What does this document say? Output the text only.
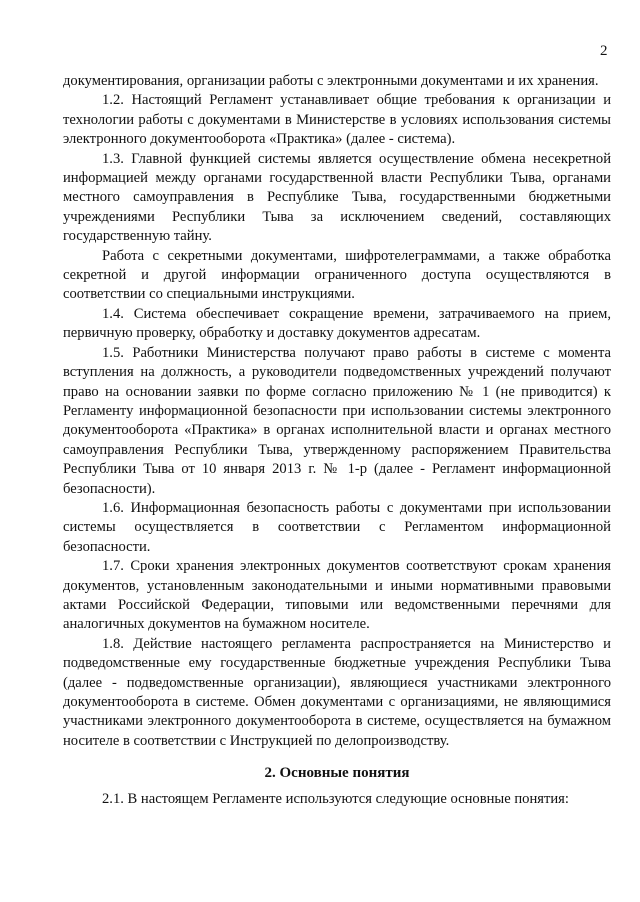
2

документирования, организации работы с электронными документами и их хранения.

1.2. Настоящий Регламент устанавливает общие требования к организации и технологии работы с документами в Министерстве в условиях использования системы электронного документооборота «Практика» (далее - система).

1.3. Главной функцией системы является осуществление обмена несекретной информацией между органами государственной власти Республики Тыва, органами местного самоуправления в Республике Тыва, государственными бюджетными учреждениями Республики Тыва за исключением сведений, составляющих государственную тайну.

Работа с секретными документами, шифротелеграммами, а также обработка секретной и другой информации ограниченного доступа осуществляются в соответствии со специальными инструкциями.

1.4. Система обеспечивает сокращение времени, затрачиваемого на прием, первичную проверку, обработку и доставку документов адресатам.

1.5. Работники Министерства получают право работы в системе с момента вступления на должность, а руководители подведомственных учреждений получают право на основании заявки по форме согласно приложению № 1 (не приводится) к Регламенту информационной безопасности при использовании системы электронного документооборота «Практика» в органах исполнительной власти и органах местного самоуправления Республики Тыва, утвержденному распоряжением Правительства Республики Тыва от 10 января 2013 г. № 1-р (далее - Регламент информационной безопасности).

1.6. Информационная безопасность работы с документами при использовании системы осуществляется в соответствии с Регламентом информационной безопасности.

1.7. Сроки хранения электронных документов соответствуют срокам хранения документов, установленным законодательными и иными нормативными правовыми актами Российской Федерации, типовыми или ведомственными перечнями для аналогичных документов на бумажном носителе.

1.8. Действие настоящего регламента распространяется на Министерство и подведомственные ему государственные бюджетные учреждения Республики Тыва (далее - подведомственные организации), являющиеся участниками электронного документооборота в системе. Обмен документами с организациями, не являющимися участниками электронного документооборота в системе, осуществляется на бумажном носителе в соответствии с Инструкцией по делопроизводству.

2. Основные понятия

2.1. В настоящем Регламенте используются следующие основные понятия:
